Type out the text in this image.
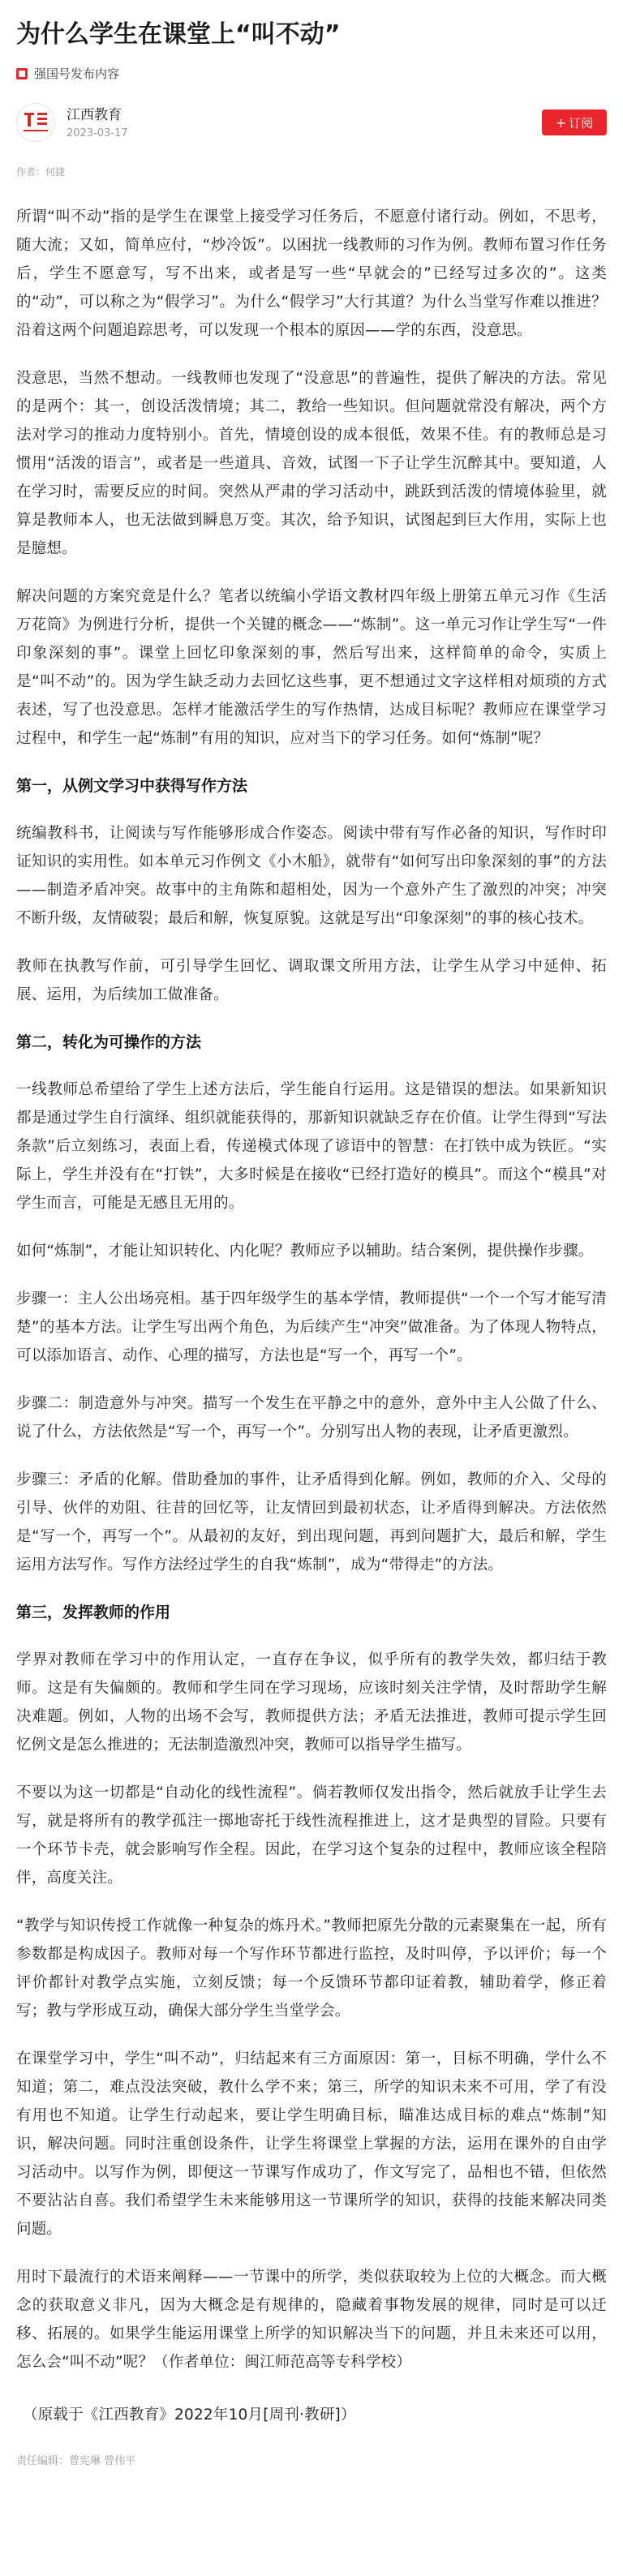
为什么学生在课堂上“叫不动”
强国号发布内容
江西教育
2023-03-17
+ 订阅
作者：何捷

所谓“叫不动”指的是学生在课堂上接受学习任务后，不愿意付诸行动。例如，不思考，随大流；又如，简单应付，“炒冷饭”。以困扰一线教师的习作为例。教师布置习作任务后，学生不愿意写，写不出来，或者是写一些“早就会的”已经写过多次的”。这类的“动”，可以称之为“假学习”。为什么“假学习”大行其道？为什么当堂写作难以推进？沿着这两个问题追踪思考，可以发现一个根本的原因——学的东西，没意思。

没意思，当然不想动。一线教师也发现了“没意思”的普遍性，提供了解决的方法。常见的是两个：其一，创设活泼情境；其二，教给一些知识。但问题就常没有解决，两个方法对学习的推动力度特别小。首先，情境创设的成本很低，效果不佳。有的教师总是习惯用“活泼的语言”，或者是一些道具、音效，试图一下子让学生沉醉其中。要知道，人在学习时，需要反应的时间。突然从严肃的学习活动中，跳跃到活泼的情境体验里，就算是教师本人，也无法做到瞬息万变。其次，给予知识，试图起到巨大作用，实际上也是臆想。

解决问题的方案究竟是什么？笔者以统编小学语文教材四年级上册第五单元习作《生活万花筒》为例进行分析，提供一个关键的概念——“炼制”。这一单元习作让学生写“一件印象深刻的事”。课堂上回忆印象深刻的事，然后写出来，这样简单的命令，实质上是“叫不动”的。因为学生缺乏动力去回忆这些事，更不想通过文字这样相对烦琐的方式表述，写了也没意思。怎样才能激活学生的写作热情，达成目标呢？教师应在课堂学习过程中，和学生一起“炼制”有用的知识，应对当下的学习任务。如何“炼制”呢？

第一，从例文学习中获得写作方法

统编教科书，让阅读与写作能够形成合作姿态。阅读中带有写作必备的知识，写作时印证知识的实用性。如本单元习作例文《小木船》，就带有“如何写出印象深刻的事”的方法——制造矛盾冲突。故事中的主角陈和超相处，因为一个意外产生了激烈的冲突；冲突不断升级，友情破裂；最后和解，恢复原貌。这就是写出“印象深刻”的事的核心技术。

教师在执教写作前，可引导学生回忆、调取课文所用方法，让学生从学习中延伸、拓展、运用，为后续加工做准备。

第二，转化为可操作的方法

一线教师总希望给了学生上述方法后，学生能自行运用。这是错误的想法。如果新知识都是通过学生自行演绎、组织就能获得的，那新知识就缺乏存在价值。让学生得到“写法条款”后立刻练习，表面上看，传递模式体现了谚语中的智慧：在打铁中成为铁匠。“实际上，学生并没有在“打铁”，大多时候是在接收“已经打造好的模具”。而这个“模具”对学生而言，可能是无感且无用的。

如何“炼制”，才能让知识转化、内化呢？教师应予以辅助。结合案例，提供操作步骤。

步骤一：主人公出场亮相。基于四年级学生的基本学情，教师提供“一个一个写才能写清楚”的基本方法。让学生写出两个角色，为后续产生“冲突”做准备。为了体现人物特点，可以添加语言、动作、心理的描写，方法也是“写一个，再写一个”。

步骤二：制造意外与冲突。描写一个发生在平静之中的意外，意外中主人公做了什么、说了什么，方法依然是“写一个，再写一个”。分别写出人物的表现，让矛盾更激烈。

步骤三：矛盾的化解。借助叠加的事件，让矛盾得到化解。例如，教师的介入、父母的引导、伙伴的劝阻、往昔的回忆等，让友情回到最初状态，让矛盾得到解决。方法依然是“写一个，再写一个”。从最初的友好，到出现问题，再到问题扩大，最后和解，学生运用方法写作。写作方法经过学生的自我“炼制”，成为“带得走”的方法。

第三，发挥教师的作用

学界对教师在学习中的作用认定，一直存在争议，似乎所有的教学失效，都归结于教师。这是有失偏颇的。教师和学生同在学习现场，应该时刻关注学情，及时帮助学生解决难题。例如，人物的出场不会写，教师提供方法；矛盾无法推进，教师可提示学生回忆例文是怎么推进的；无法制造激烈冲突，教师可以指导学生描写。

不要以为这一切都是“自动化的线性流程”。倘若教师仅发出指令，然后就放手让学生去写，就是将所有的教学孤注一掷地寄托于线性流程推进上，这才是典型的冒险。只要有一个环节卡壳，就会影响写作全程。因此，在学习这个复杂的过程中，教师应该全程陪伴，高度关注。

“教学与知识传授工作就像一种复杂的炼丹术。”教师把原先分散的元素聚集在一起，所有参数都是构成因子。教师对每一个写作环节都进行监控，及时叫停，予以评价；每一个评价都针对教学点实施，立刻反馈；每一个反馈环节都印证着教，辅助着学，修正着写；教与学形成互动，确保大部分学生当堂学会。

在课堂学习中，学生“叫不动”，归结起来有三方面原因：第一，目标不明确，学什么不知道；第二，难点没法突破，教什么学不来；第三，所学的知识未来不可用，学了有没有用也不知道。让学生行动起来，要让学生明确目标，瞄准达成目标的难点“炼制”知识，解决问题。同时注重创设条件，让学生将课堂上掌握的方法，运用在课外的自由学习活动中。以写作为例，即便这一节课写作成功了，作文写完了，品相也不错，但依然不要沾沾自喜。我们希望学生未来能够用这一节课所学的知识，获得的技能来解决同类问题。

用时下最流行的术语来阐释——一节课中的所学，类似获取较为上位的大概念。而大概念的获取意义非凡，因为大概念是有规律的，隐藏着事物发展的规律，同时是可以迁移、拓展的。如果学生能运用课堂上所学的知识解决当下的问题，并且未来还可以用，怎么会“叫不动”呢？（作者单位：闽江师范高等专科学校）

（原载于《江西教育》2022年10月[周刊·教研]）

责任编辑：曾宪琳 曾伟平
